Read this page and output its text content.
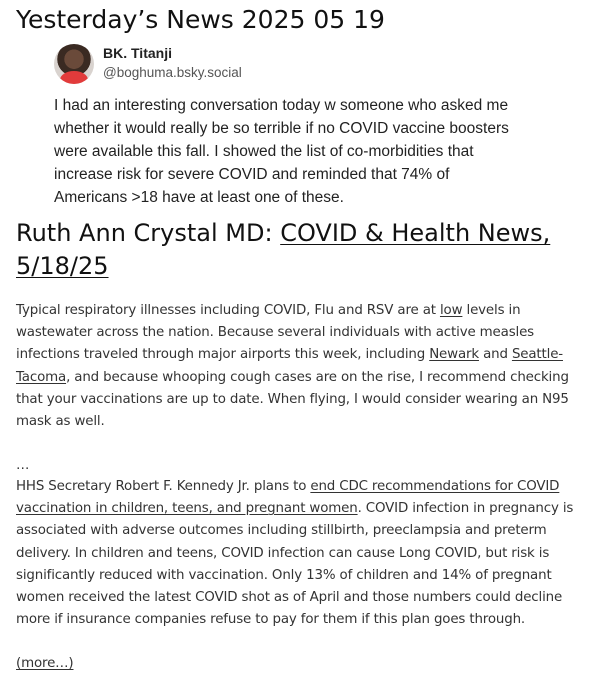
Yesterday’s News 2025 05 19
BK. Titanji
@boghuma.bsky.social

I had an interesting conversation today w someone who asked me whether it would really be so terrible if no COVID vaccine boosters were available this fall. I showed the list of co-morbidities that increase risk for severe COVID and reminded that 74% of Americans >18 have at least one of these.

Ruth Ann Crystal MD: COVID & Health News, 5/18/25

Typical respiratory illnesses including COVID, Flu and RSV are at low levels in wastewater across the nation. Because several individuals with active measles infections traveled through major airports this week, including Newark and Seattle-Tacoma, and because whooping cough cases are on the rise, I recommend checking that your vaccinations are up to date. When flying, I would consider wearing an N95 mask as well.

…

HHS Secretary Robert F. Kennedy Jr. plans to end CDC recommendations for COVID vaccination in children, teens, and pregnant women. COVID infection in pregnancy is associated with adverse outcomes including stillbirth, preeclampsia and preterm delivery. In children and teens, COVID infection can cause Long COVID, but risk is significantly reduced with vaccination. Only 13% of children and 14% of pregnant women received the latest COVID shot as of April and those numbers could decline more if insurance companies refuse to pay for them if this plan goes through.

(more…)
